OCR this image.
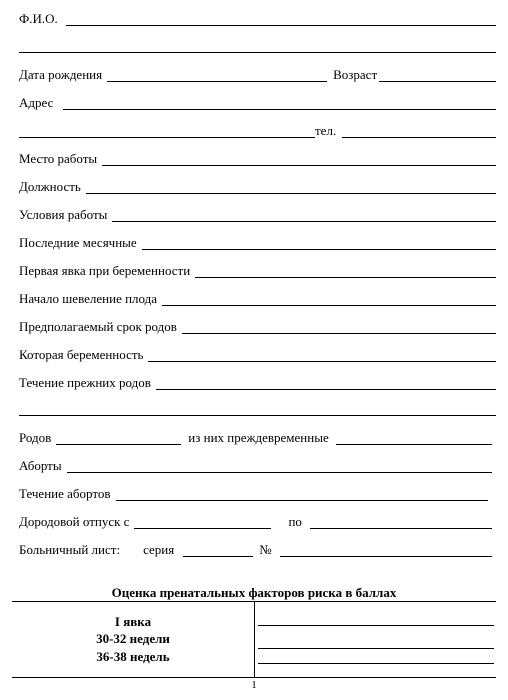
Ф.И.О.
Дата рождения	Возраст
Адрес
тел.
Место работы
Должность
Условия работы
Последние месячные
Первая явка при беременности
Начало шевеление плода
Предполагаемый срок родов
Которая беременность
Течение прежних родов
Родов	из них преждевременные
Аборты
Течение абортов
Дородовой отпуск с	по
Больничный лист: серия	№
Оценка пренатальных факторов риска в баллах
I явка
30-32 недели
36-38 недель
1
